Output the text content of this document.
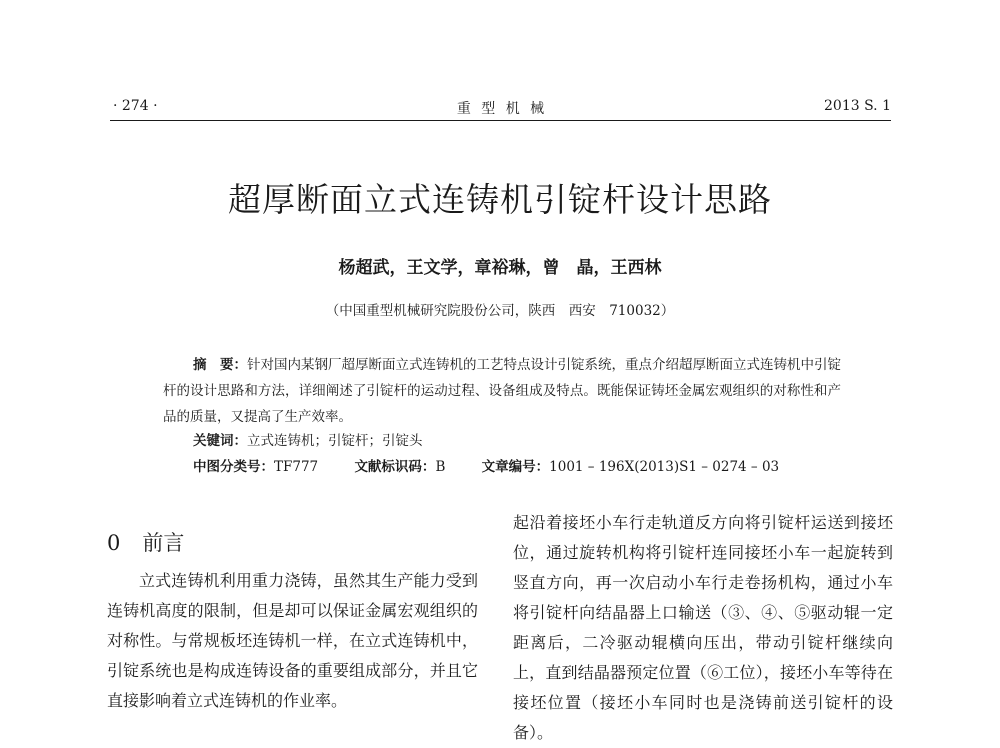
· 274 ·	重 型 机 械	2013 S. 1
超厚断面立式连铸机引锭杆设计思路
杨超武，王文学，章裕琳，曾　晶，王西林
（中国重型机械研究院股份公司，陕西　西安　710032）
摘　要：针对国内某钢厂超厚断面立式连铸机的工艺特点设计引锭系统，重点介绍超厚断面立式连铸机中引锭杆的设计思路和方法，详细阐述了引锭杆的运动过程、设备组成及特点。既能保证铸坯金属宏观组织的对称性和产品的质量，又提高了生产效率。
关键词：立式连铸机；引锭杆；引锭头
中图分类号：TF777	文献标识码：B	文章编号：1001 – 196X(2013)S1 – 0274 – 03
0 前言
立式连铸机利用重力浇铸，虽然其生产能力受到连铸机高度的限制，但是却可以保证金属宏观组织的对称性。与常规板坯连铸机一样，在立式连铸机中，引锭系统也是构成连铸设备的重要组成部分，并且它直接影响着立式连铸机的作业率。
起沿着接坯小车行走轨道反方向将引锭杆运送到接坯位，通过旋转机构将引锭杆连同接坯小车一起旋转到竖直方向，再一次启动小车行走卷扬机构，通过小车将引锭杆向结晶器上口输送（③、④、⑤驱动辊一定距离后，二冷驱动辊横向压出，带动引锭杆继续向上，直到结晶器预定位置（⑥工位），接坯小车等待在接坯位置（接坯小车同时也是浇铸前送引锭杆的设备）。
